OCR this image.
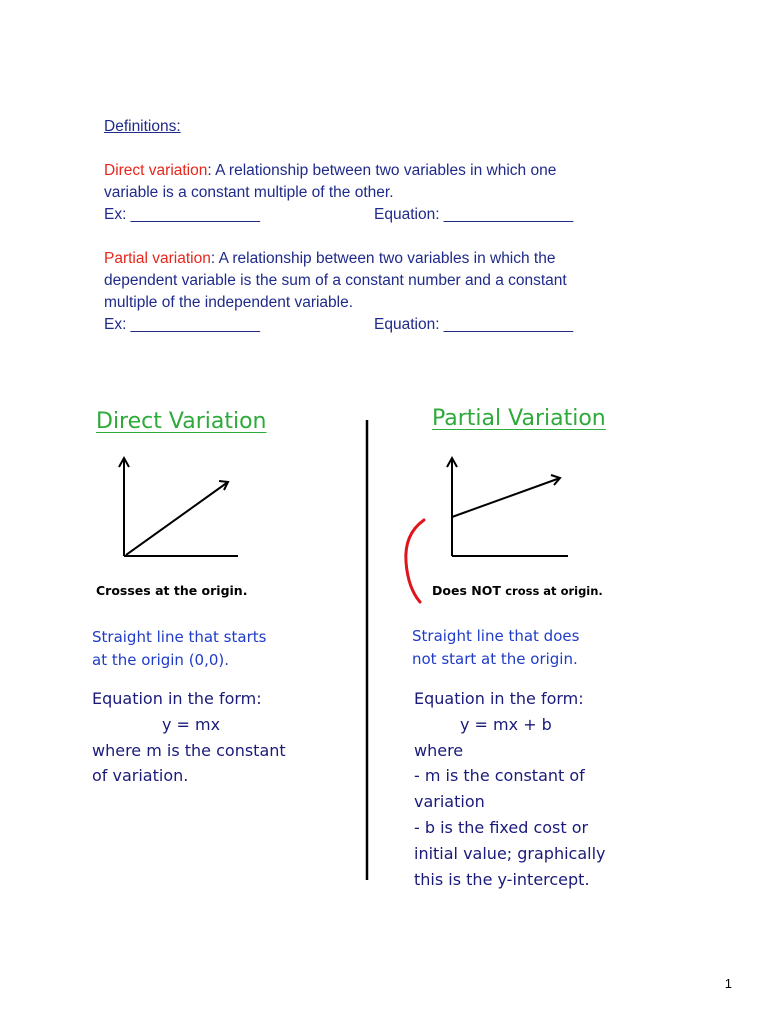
Definitions:
Direct variation: A relationship between two variables in which one
variable is a constant multiple of the other.
Ex: _______________	Equation: _______________
Partial variation: A relationship between two variables in which the
dependent variable is the sum of a constant number and a constant
multiple of the independent variable.
Ex: _______________	Equation: _______________
Direct Variation
Crosses at the origin.
Straight line that starts
at the origin (0,0).
Equation in the form:
y = mx
where m is the constant
of variation.
Partial Variation
Does NOT cross at origin.
Straight line that does
not start at the origin.
Equation in the form:
y = mx + b
where
- m is the constant of
variation
- b is the fixed cost or
initial value; graphically
this is the y-intercept.
1
